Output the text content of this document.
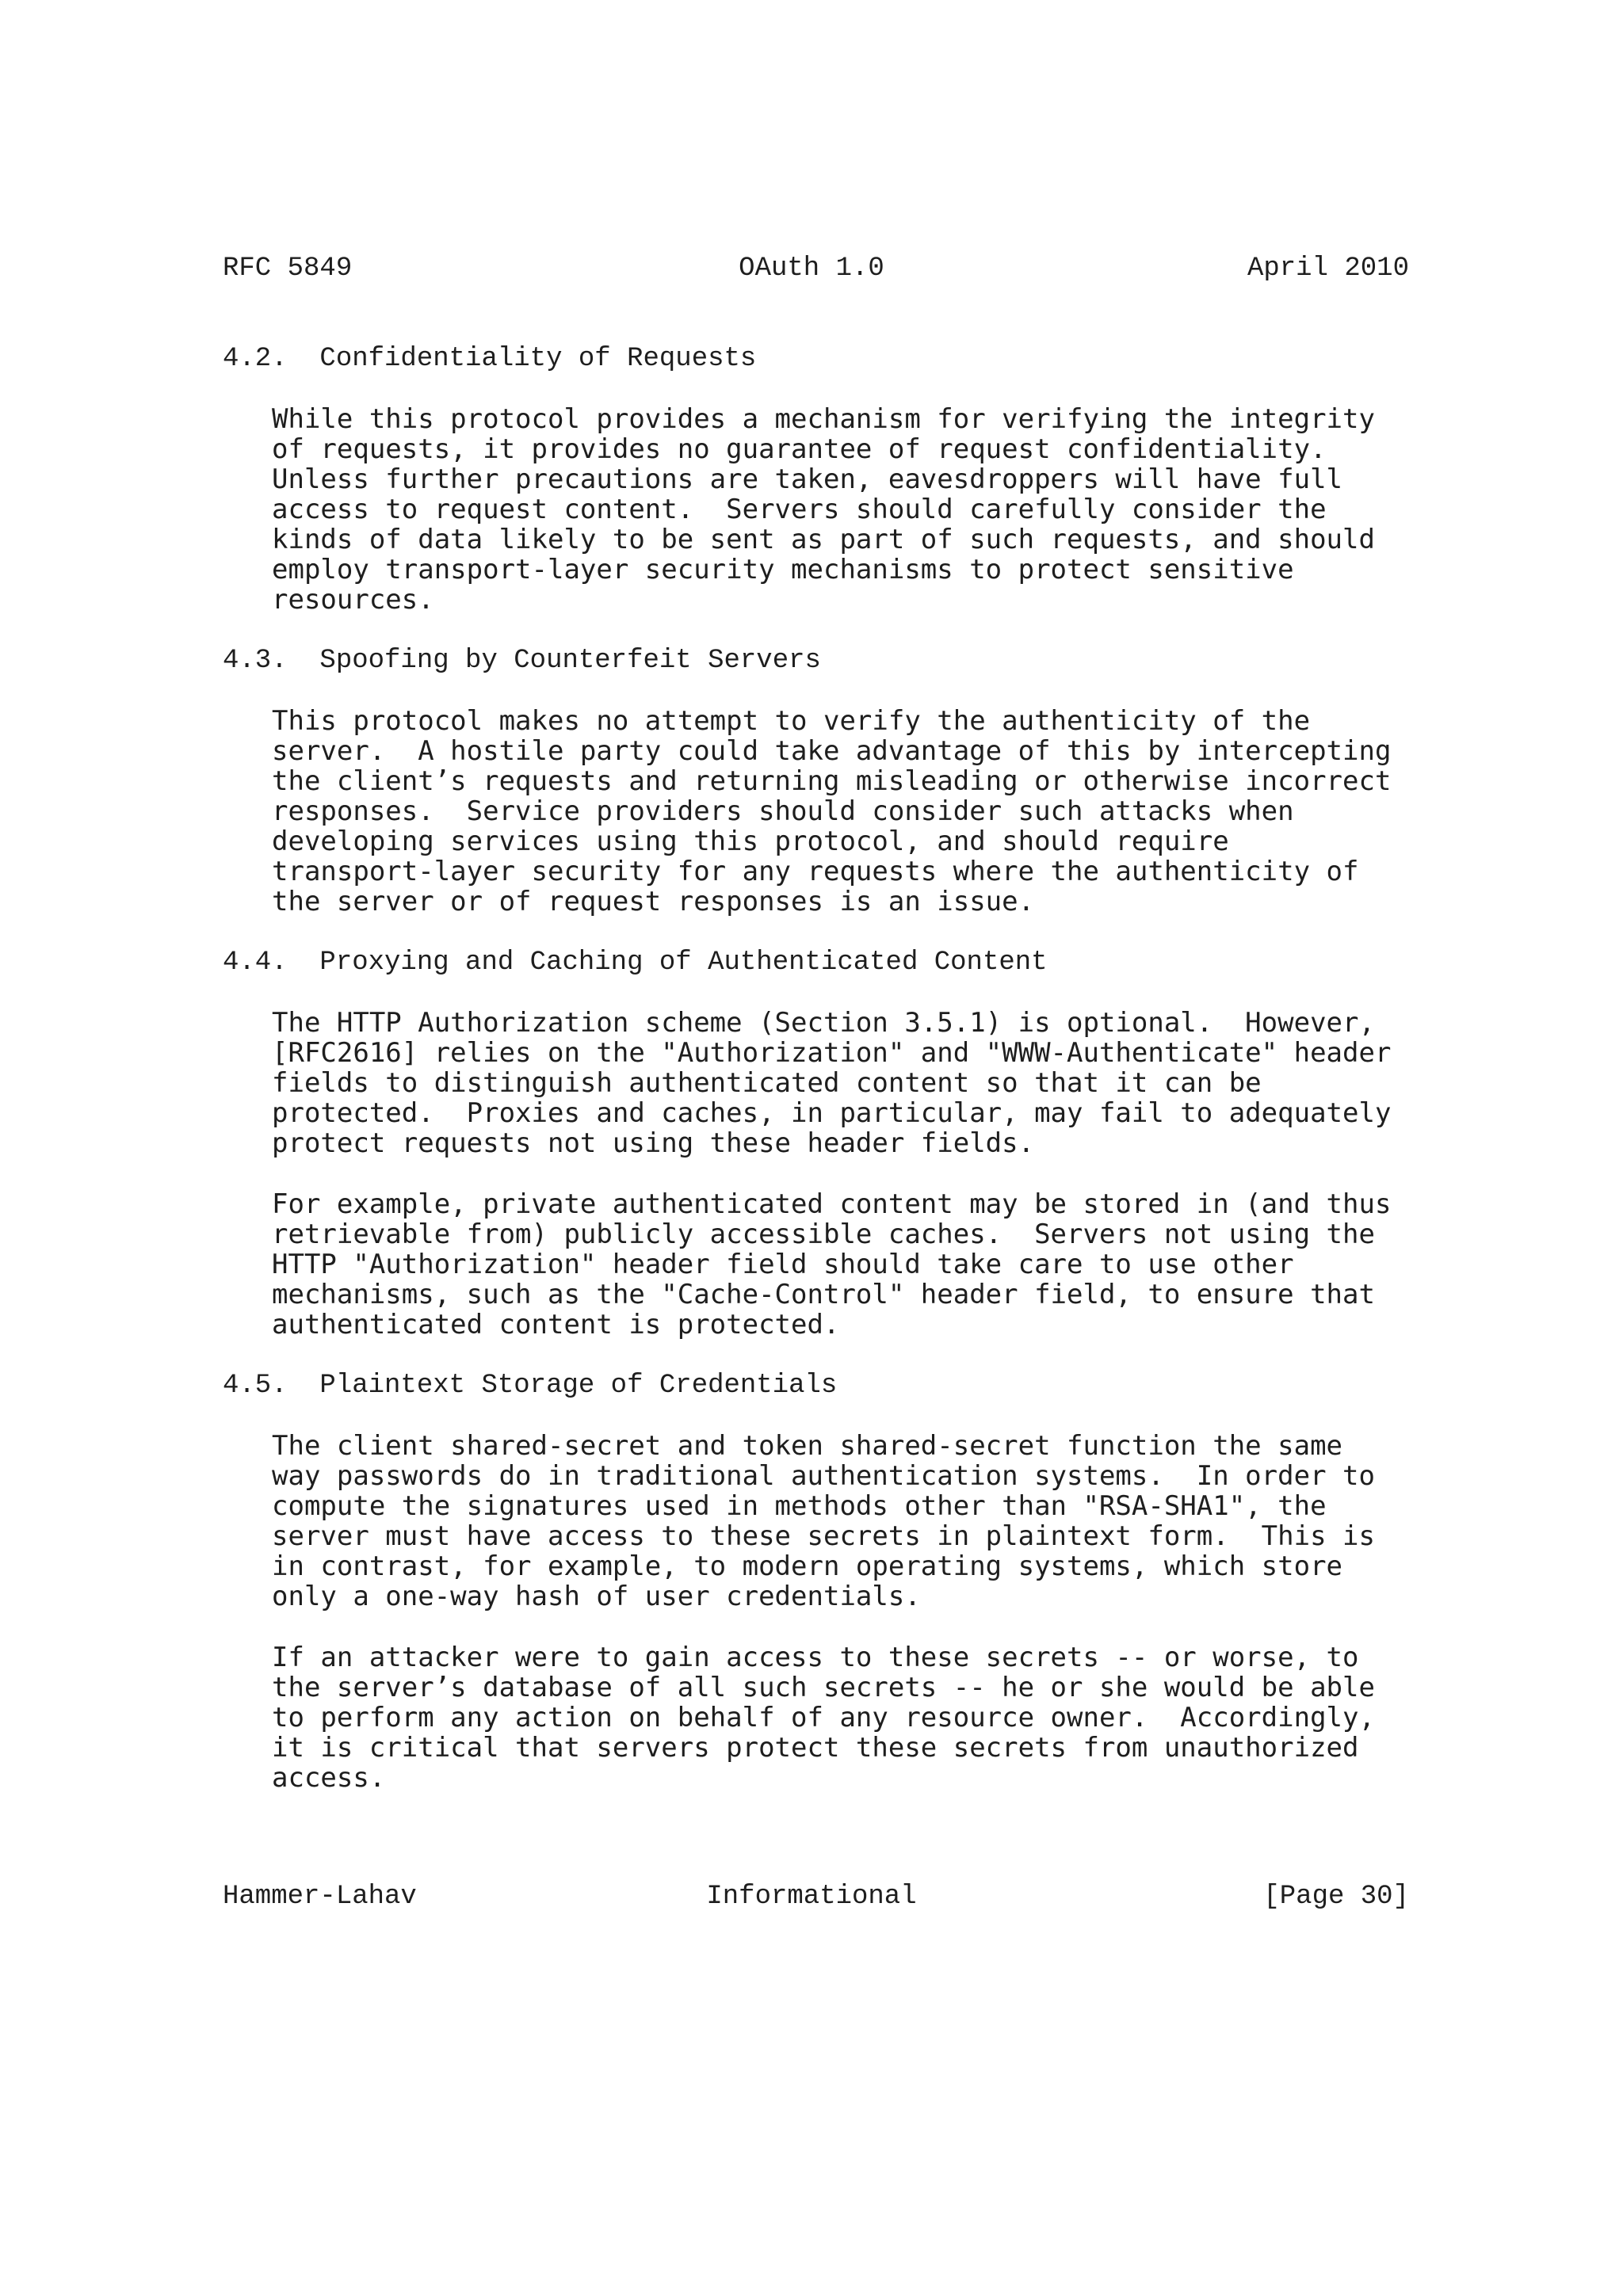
RFC 5849	OAuth 1.0	April 2010
4.2.  Confidentiality of Requests
While this protocol provides a mechanism for verifying the integrity
of requests, it provides no guarantee of request confidentiality.
Unless further precautions are taken, eavesdroppers will have full
access to request content.  Servers should carefully consider the
kinds of data likely to be sent as part of such requests, and should
employ transport-layer security mechanisms to protect sensitive
resources.
4.3.  Spoofing by Counterfeit Servers
This protocol makes no attempt to verify the authenticity of the
server.  A hostile party could take advantage of this by intercepting
the client’s requests and returning misleading or otherwise incorrect
responses.  Service providers should consider such attacks when
developing services using this protocol, and should require
transport-layer security for any requests where the authenticity of
the server or of request responses is an issue.
4.4.  Proxying and Caching of Authenticated Content
The HTTP Authorization scheme (Section 3.5.1) is optional.  However,
[RFC2616] relies on the "Authorization" and "WWW-Authenticate" header
fields to distinguish authenticated content so that it can be
protected.  Proxies and caches, in particular, may fail to adequately
protect requests not using these header fields.
For example, private authenticated content may be stored in (and thus
retrievable from) publicly accessible caches.  Servers not using the
HTTP "Authorization" header field should take care to use other
mechanisms, such as the "Cache-Control" header field, to ensure that
authenticated content is protected.
4.5.  Plaintext Storage of Credentials
The client shared-secret and token shared-secret function the same
way passwords do in traditional authentication systems.  In order to
compute the signatures used in methods other than "RSA-SHA1", the
server must have access to these secrets in plaintext form.  This is
in contrast, for example, to modern operating systems, which store
only a one-way hash of user credentials.
If an attacker were to gain access to these secrets -- or worse, to
the server’s database of all such secrets -- he or she would be able
to perform any action on behalf of any resource owner.  Accordingly,
it is critical that servers protect these secrets from unauthorized
access.
Hammer-Lahav	Informational	[Page 30]
